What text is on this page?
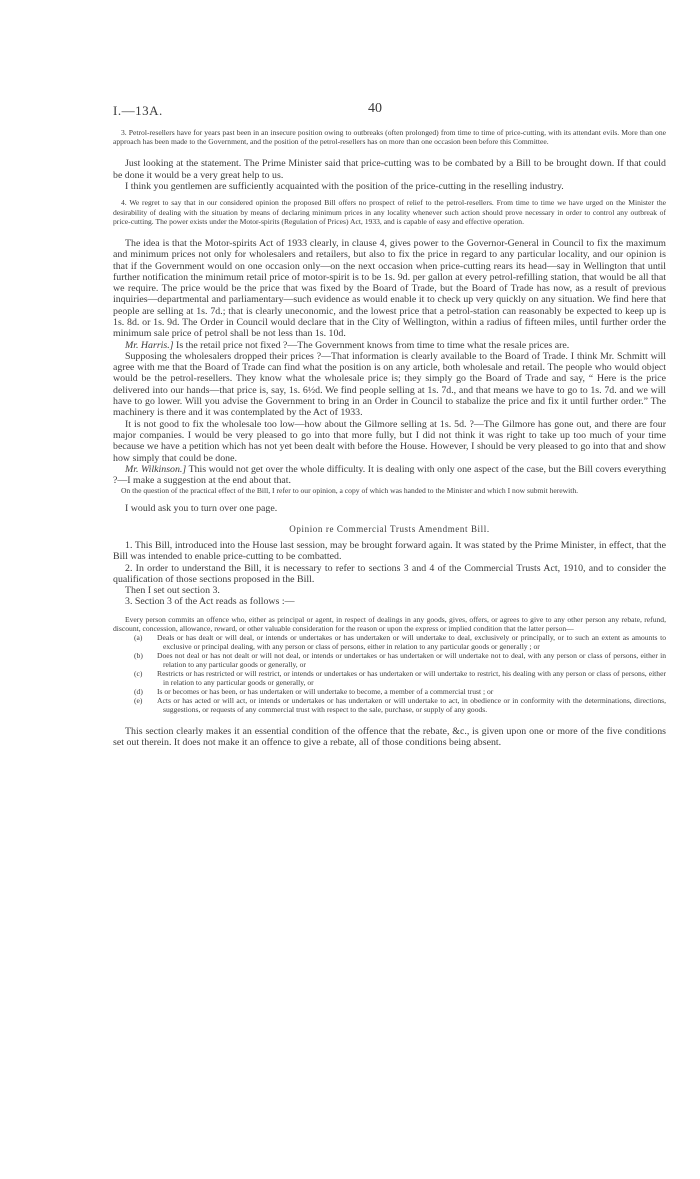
I.—13A.	40

3. Petrol-resellers have for years past been in an insecure position owing to outbreaks (often prolonged) from time to time of price-cutting, with its attendant evils. More than one approach has been made to the Government, and the position of the petrol-resellers has on more than one occasion been before this Committee.

Just looking at the statement. The Prime Minister said that price-cutting was to be combated by a Bill to be brought down. If that could be done it would be a very great help to us.

I think you gentlemen are sufficiently acquainted with the position of the price-cutting in the reselling industry.

4. We regret to say that in our considered opinion the proposed Bill offers no prospect of relief to the petrol-resellers. From time to time we have urged on the Minister the desirability of dealing with the situation by means of declaring minimum prices in any locality whenever such action should prove necessary in order to control any outbreak of price-cutting. The power exists under the Motor-spirits (Regulation of Prices) Act, 1933, and is capable of easy and effective operation.

The idea is that the Motor-spirits Act of 1933 clearly, in clause 4, gives power to the Governor-General in Council to fix the maximum and minimum prices not only for wholesalers and retailers, but also to fix the price in regard to any particular locality, and our opinion is that if the Government would on one occasion only—on the next occasion when price-cutting rears its head—say in Wellington that until further notification the minimum retail price of motor-spirit is to be 1s. 9d. per gallon at every petrol-refilling station, that would be all that we require. The price would be the price that was fixed by the Board of Trade, but the Board of Trade has now, as a result of previous inquiries—departmental and parliamentary—such evidence as would enable it to check up very quickly on any situation. We find here that people are selling at 1s. 7d.; that is clearly uneconomic, and the lowest price that a petrol-station can reasonably be expected to keep up is 1s. 8d. or 1s. 9d. The Order in Council would declare that in the City of Wellington, within a radius of fifteen miles, until further order the minimum sale price of petrol shall be not less than 1s. 10d.

Mr. Harris.] Is the retail price not fixed ?—The Government knows from time to time what the resale prices are.

Supposing the wholesalers dropped their prices ?—That information is clearly available to the Board of Trade. I think Mr. Schmitt will agree with me that the Board of Trade can find what the position is on any article, both wholesale and retail. The people who would object would be the petrol-resellers. They know what the wholesale price is; they simply go the Board of Trade and say, “ Here is the price delivered into our hands—that price is, say, 1s. 6½d. We find people selling at 1s. 7d., and that means we have to go to 1s. 7d. and we will have to go lower. Will you advise the Government to bring in an Order in Council to stabalize the price and fix it until further order.” The machinery is there and it was contemplated by the Act of 1933.

It is not good to fix the wholesale too low—how about the Gilmore selling at 1s. 5d. ?—The Gilmore has gone out, and there are four major companies. I would be very pleased to go into that more fully, but I did not think it was right to take up too much of your time because we have a petition which has not yet been dealt with before the House. However, I should be very pleased to go into that and show how simply that could be done.

Mr. Wilkinson.] This would not get over the whole difficulty. It is dealing with only one aspect of the case, but the Bill covers everything ?—I make a suggestion at the end about that.

On the question of the practical effect of the Bill, I refer to our opinion, a copy of which was handed to the Minister and which I now submit herewith.

I would ask you to turn over one page.

Opinion re Commercial Trusts Amendment Bill.

1. This Bill, introduced into the House last session, may be brought forward again. It was stated by the Prime Minister, in effect, that the Bill was intended to enable price-cutting to be combatted.

2. In order to understand the Bill, it is necessary to refer to sections 3 and 4 of the Commercial Trusts Act, 1910, and to consider the qualification of those sections proposed in the Bill.

Then I set out section 3.

3. Section 3 of the Act reads as follows :—

Every person commits an offence who, either as principal or agent, in respect of dealings in any goods, gives, offers, or agrees to give to any other person any rebate, refund, discount, concession, allowance, reward, or other valuable consideration for the reason or upon the express or implied condition that the latter person—

(a) Deals or has dealt or will deal, or intends or undertakes or has undertaken or will undertake to deal, exclusively or principally, or to such an extent as amounts to exclusive or principal dealing, with any person or class of persons, either in relation to any particular goods or generally ; or
(b) Does not deal or has not dealt or will not deal, or intends or undertakes or has undertaken or will undertake not to deal, with any person or class of persons, either in relation to any particular goods or generally, or
(c) Restricts or has restricted or will restrict, or intends or undertakes or has undertaken or will undertake to restrict, his dealing with any person or class of persons, either in relation to any particular goods or generally, or
(d) Is or becomes or has been, or has undertaken or will undertake to become, a member of a commercial trust ; or
(e) Acts or has acted or will act, or intends or undertakes or has undertaken or will undertake to act, in obedience or in conformity with the determinations, directions, suggestions, or requests of any commercial trust with respect to the sale, purchase, or supply of any goods.

This section clearly makes it an essential condition of the offence that the rebate, &c., is given upon one or more of the five conditions set out therein. It does not make it an offence to give a rebate, all of those conditions being absent.
